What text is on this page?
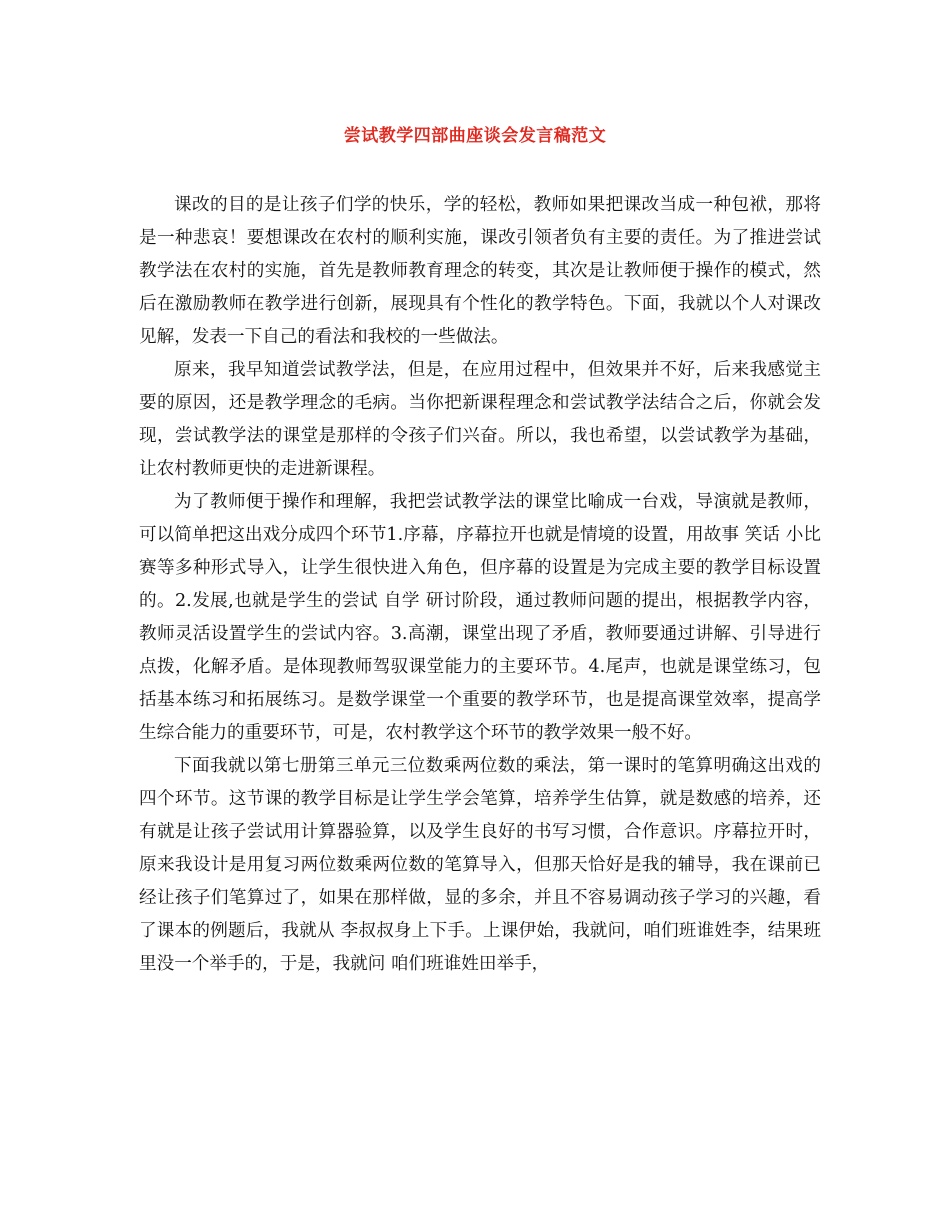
尝试教学四部曲座谈会发言稿范文

课改的目的是让孩子们学的快乐，学的轻松，教师如果把课改当成一种包袱，那将是一种悲哀！要想课改在农村的顺利实施，课改引领者负有主要的责任。为了推进尝试教学法在农村的实施，首先是教师教育理念的转变，其次是让教师便于操作的模式，然后在激励教师在教学进行创新，展现具有个性化的教学特色。下面，我就以个人对课改见解，发表一下自己的看法和我校的一些做法。

原来，我早知道尝试教学法，但是，在应用过程中，但效果并不好，后来我感觉主要的原因，还是教学理念的毛病。当你把新课程理念和尝试教学法结合之后，你就会发现，尝试教学法的课堂是那样的令孩子们兴奋。所以，我也希望，以尝试教学为基础，让农村教师更快的走进新课程。

为了教师便于操作和理解，我把尝试教学法的课堂比喻成一台戏，导演就是教师，可以简单把这出戏分成四个环节1.序幕，序幕拉开也就是情境的设置，用故事 笑话 小比赛等多种形式导入，让学生很快进入角色，但序幕的设置是为完成主要的教学目标设置的。2.发展,也就是学生的尝试 自学 研讨阶段，通过教师问题的提出，根据教学内容，教师灵活设置学生的尝试内容。3.高潮，课堂出现了矛盾，教师要通过讲解、引导进行点拨，化解矛盾。是体现教师驾驭课堂能力的主要环节。4.尾声，也就是课堂练习，包括基本练习和拓展练习。是数学课堂一个重要的教学环节，也是提高课堂效率，提高学生综合能力的重要环节，可是，农村教学这个环节的教学效果一般不好。

下面我就以第七册第三单元三位数乘两位数的乘法，第一课时的笔算明确这出戏的四个环节。这节课的教学目标是让学生学会笔算，培养学生估算，就是数感的培养，还有就是让孩子尝试用计算器验算，以及学生良好的书写习惯，合作意识。序幕拉开时，原来我设计是用复习两位数乘两位数的笔算导入，但那天恰好是我的辅导，我在课前已经让孩子们笔算过了，如果在那样做，显的多余，并且不容易调动孩子学习的兴趣，看了课本的例题后，我就从 李叔叔身上下手。上课伊始，我就问，咱们班谁姓李，结果班里没一个举手的，于是，我就问 咱们班谁姓田举手，
